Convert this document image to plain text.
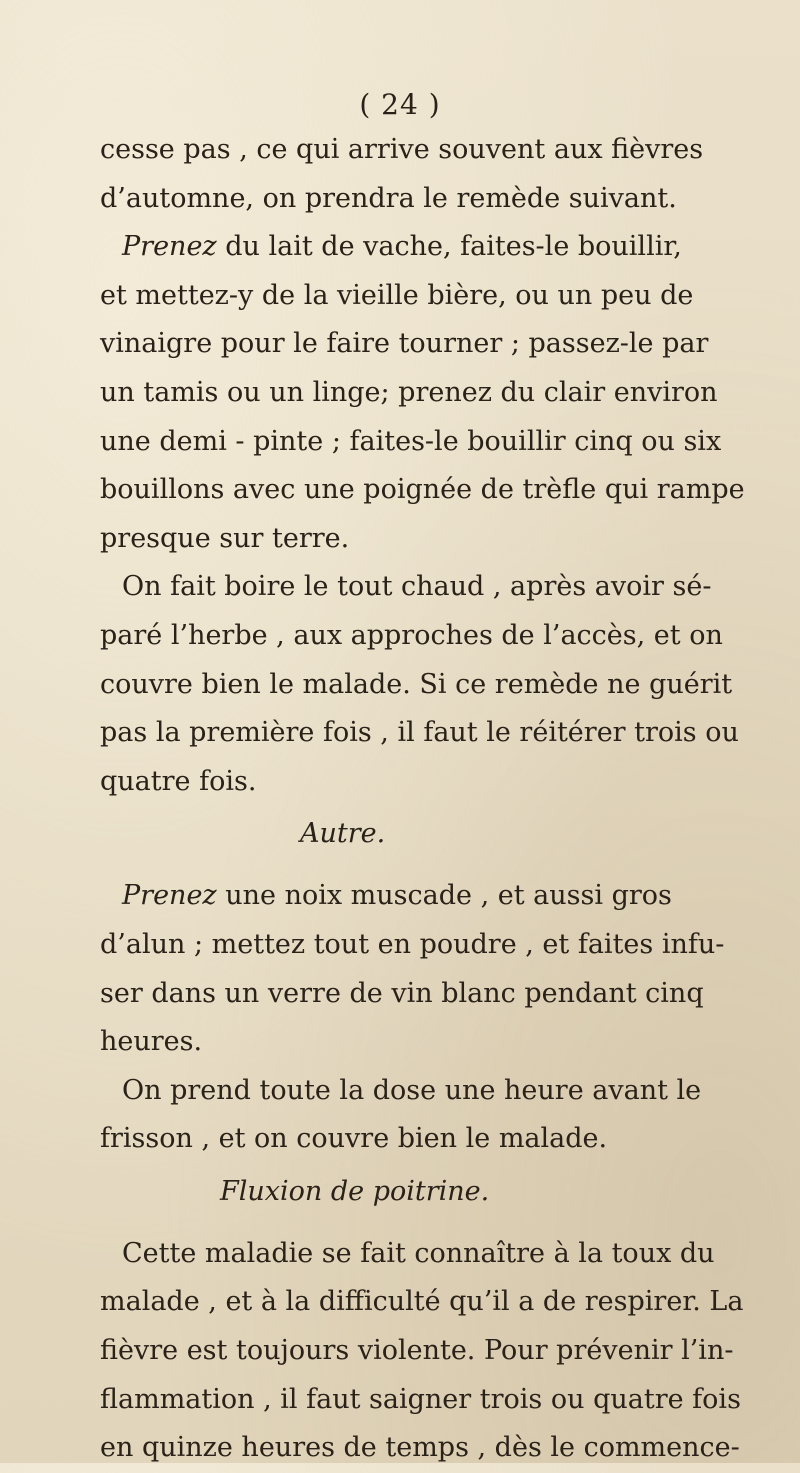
( 24 )
cesse pas , ce qui arrive souvent aux fièvres
d’automne, on prendra le remède suivant.
Prenez du lait de vache, faites-le bouillir,
et mettez-y de la vieille bière, ou un peu de
vinaigre pour le faire tourner ; passez-le par
un tamis ou un linge; prenez du clair environ
une demi - pinte ; faites-le bouillir cinq ou six
bouillons avec une poignée de trèfle qui rampe
presque sur terre.
On fait boire le tout chaud , après avoir sé-
paré l’herbe , aux approches de l’accès, et on
couvre bien le malade. Si ce remède ne guérit
pas la première fois , il faut le réitérer trois ou
quatre fois.
Autre.
Prenez une noix muscade , et aussi gros
d’alun ; mettez tout en poudre , et faites infu-
ser dans un verre de vin blanc pendant cinq
heures.
On prend toute la dose une heure avant le
frisson , et on couvre bien le malade.
Fluxion de poitrine.
Cette maladie se fait connaître à la toux du
malade , et à la difficulté qu’il a de respirer. La
fièvre est toujours violente. Pour prévenir l’in-
flammation , il faut saigner trois ou quatre fois
en quinze heures de temps , dès le commence-
